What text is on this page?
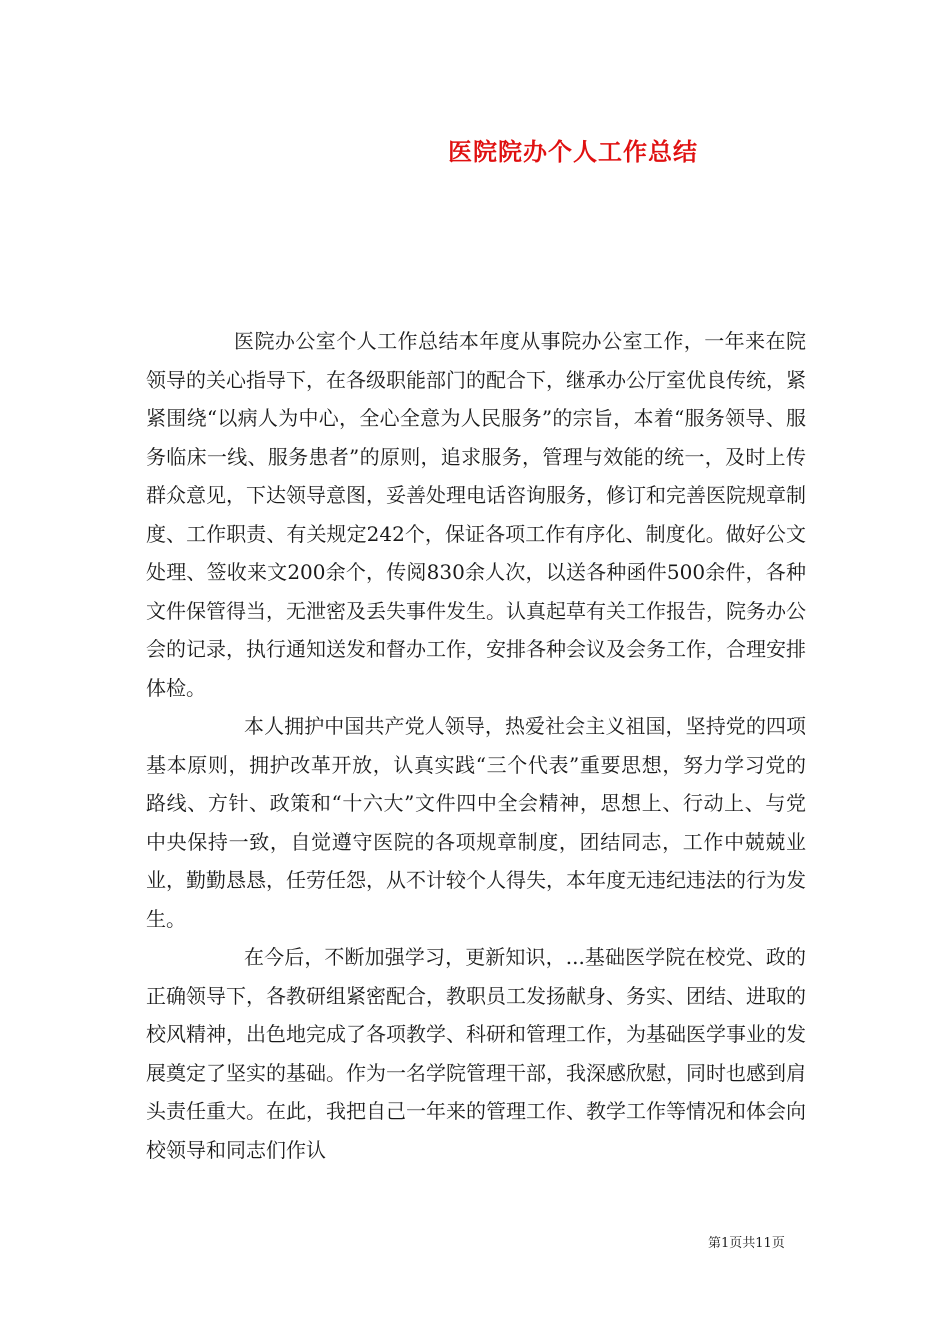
医院院办个人工作总结

医院办公室个人工作总结本年度从事院办公室工作，一年来在院领导的关心指导下，在各级职能部门的配合下，继承办公厅室优良传统，紧紧围绕“以病人为中心，全心全意为人民服务”的宗旨，本着“服务领导、服务临床一线、服务患者”的原则，追求服务，管理与效能的统一，及时上传群众意见，下达领导意图，妥善处理电话咨询服务，修订和完善医院规章制度、工作职责、有关规定242个，保证各项工作有序化、制度化。做好公文处理、签收来文200余个，传阅830余人次，以送各种函件500余件，各种文件保管得当，无泄密及丢失事件发生。认真起草有关工作报告，院务办公会的记录，执行通知送发和督办工作，安排各种会议及会务工作，合理安排体检。

本人拥护中国共产党人领导，热爱社会主义祖国，坚持党的四项基本原则，拥护改革开放，认真实践“三个代表”重要思想，努力学习党的路线、方针、政策和“十六大”文件四中全会精神，思想上、行动上、与党中央保持一致，自觉遵守医院的各项规章制度，团结同志，工作中兢兢业业，勤勤恳恳，任劳任怨，从不计较个人得失，本年度无违纪违法的行为发生。

在今后，不断加强学习，更新知识，...基础医学院在校党、政的正确领导下，各教研组紧密配合，教职员工发扬献身、务实、团结、进取的校风精神，出色地完成了各项教学、科研和管理工作，为基础医学事业的发展奠定了坚实的基础。作为一名学院管理干部，我深感欣慰，同时也感到肩头责任重大。在此，我把自己一年来的管理工作、教学工作等情况和体会向校领导和同志们作认

第1页共11页
